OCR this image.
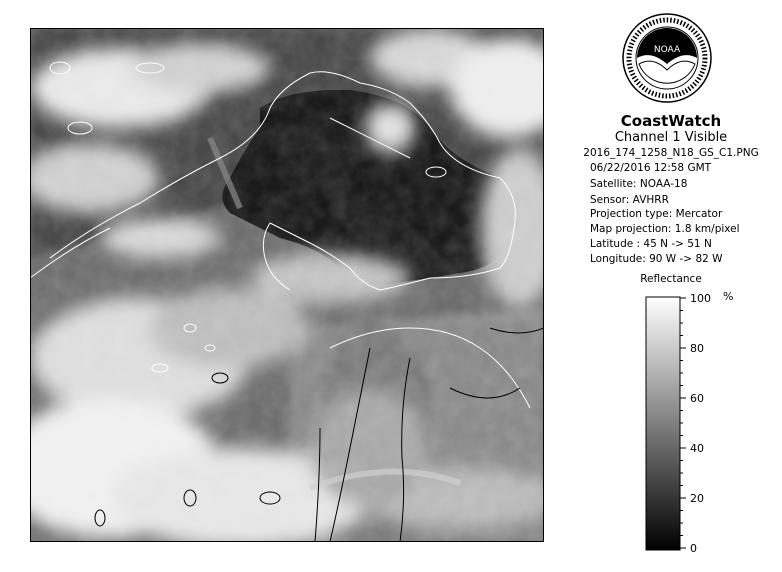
NOAA
CoastWatch
Channel 1 Visible
2016_174_1258_N18_GS_C1.PNG
06/22/2016 12:58 GMT
Satellite: NOAA-18
Sensor: AVHRR
Projection type: Mercator
Map projection: 1.8 km/pixel
Latitude : 45 N -> 51 N
Longitude: 90 W -> 82 W
Reflectance
100
80
60
40
20
0
%
